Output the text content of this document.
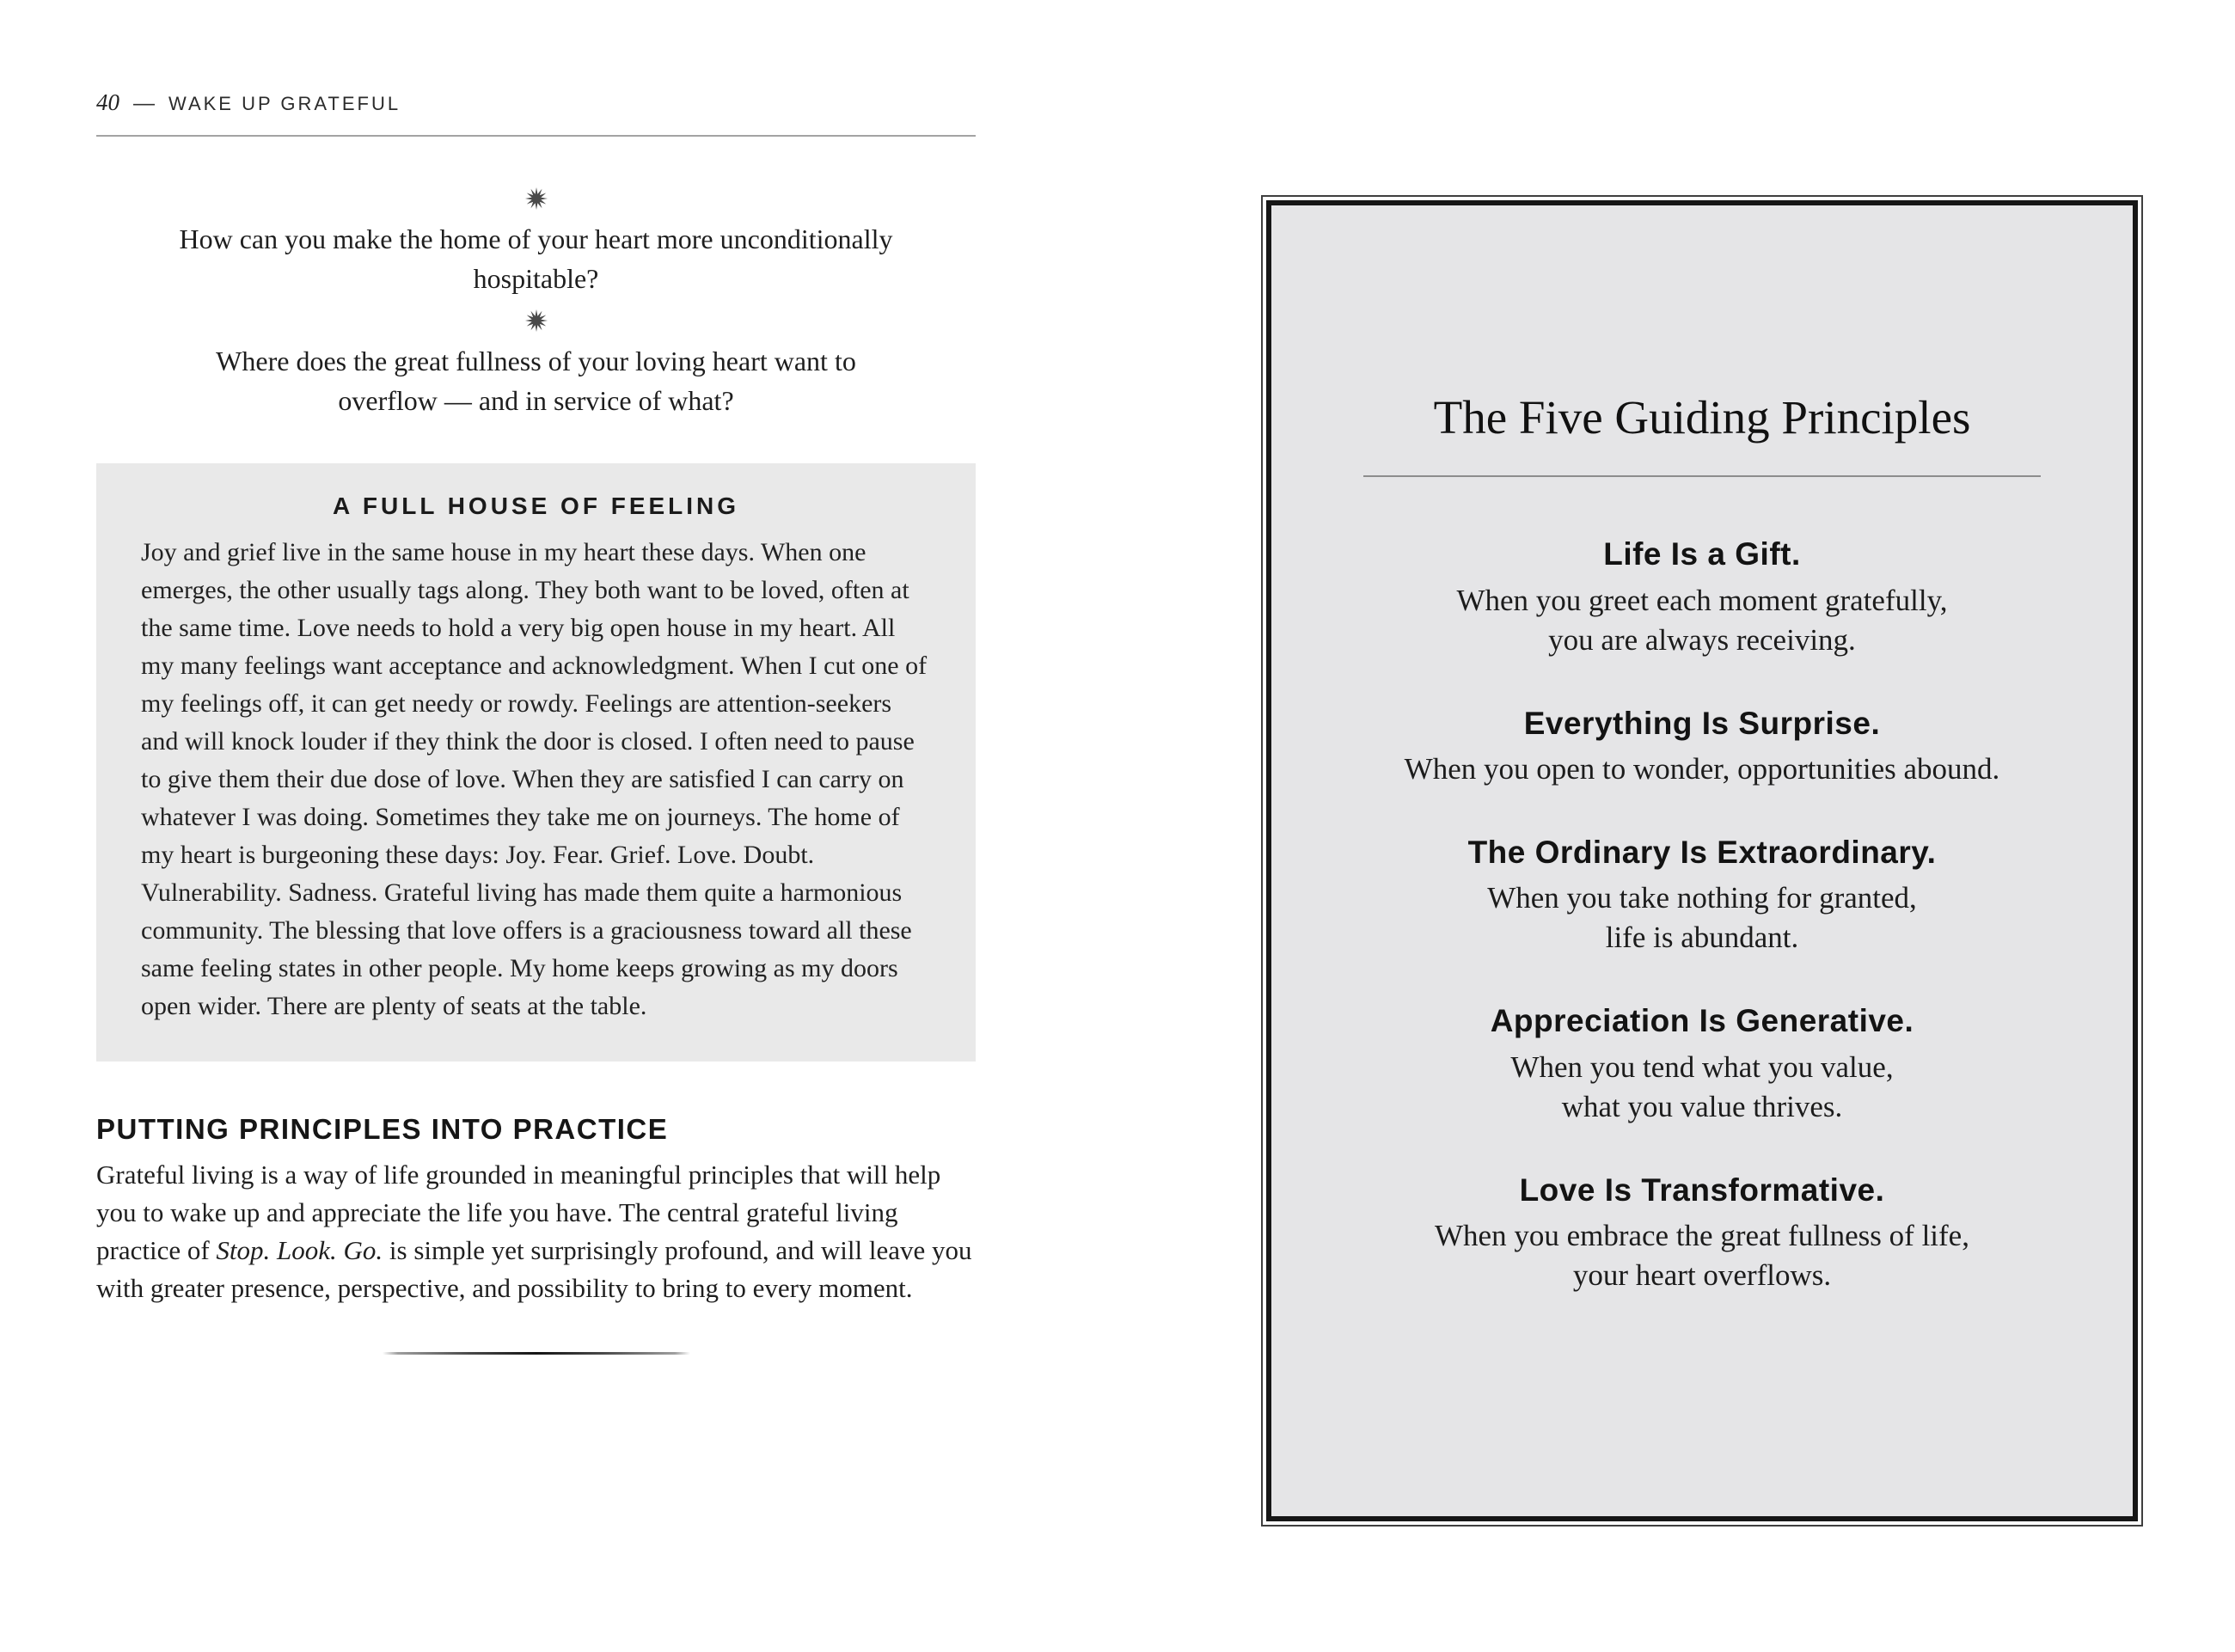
40 — WAKE UP GRATEFUL
How can you make the home of your heart more unconditionally
hospitable?
Where does the great fullness of your loving heart want to
overflow — and in service of what?
A FULL HOUSE OF FEELING
Joy and grief live in the same house in my heart these days. When one emerges, the other usually tags along. They both want to be loved, often at the same time. Love needs to hold a very big open house in my heart. All my many feelings want acceptance and acknowledgment. When I cut one of my feelings off, it can get needy or rowdy. Feelings are attention-seekers and will knock louder if they think the door is closed. I often need to pause to give them their due dose of love. When they are satisfied I can carry on whatever I was doing. Sometimes they take me on journeys. The home of my heart is burgeoning these days: Joy. Fear. Grief. Love. Doubt. Vulnerability. Sadness. Grateful living has made them quite a harmonious community. The blessing that love offers is a graciousness toward all these same feeling states in other people. My home keeps growing as my doors open wider. There are plenty of seats at the table.
PUTTING PRINCIPLES INTO PRACTICE

Grateful living is a way of life grounded in meaningful principles that will help you to wake up and appreciate the life you have. The central grateful living practice of Stop. Look. Go. is simple yet surprisingly profound, and will leave you with greater presence, perspective, and possibility to bring to every moment.

The Five Guiding Principles
Life Is a Gift.
When you greet each moment gratefully,
you are always receiving.
Everything Is Surprise.
When you open to wonder, opportunities abound.
The Ordinary Is Extraordinary.
When you take nothing for granted,
life is abundant.
Appreciation Is Generative.
When you tend what you value,
what you value thrives.
Love Is Transformative.
When you embrace the great fullness of life,
your heart overflows.
